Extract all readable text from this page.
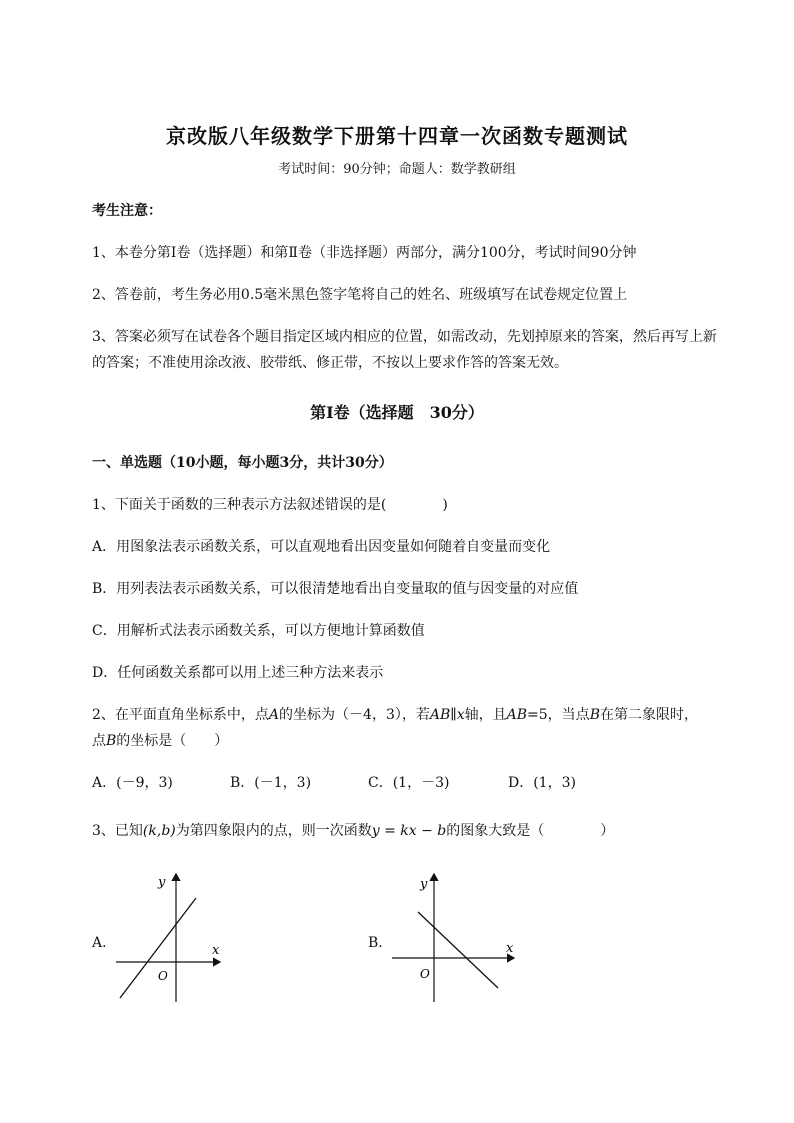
京改版八年级数学下册第十四章一次函数专题测试
考试时间：90分钟；命题人：数学教研组
考生注意：
1、本卷分第I卷（选择题）和第Ⅱ卷（非选择题）两部分，满分100分，考试时间90分钟
2、答卷前，考生务必用0.5毫米黑色签字笔将自己的姓名、班级填写在试卷规定位置上
3、答案必须写在试卷各个题目指定区域内相应的位置，如需改动，先划掉原来的答案，然后再写上新
的答案；不准使用涂改液、胶带纸、修正带，不按以上要求作答的答案无效。
第I卷（选择题　30分）
一、单选题（10小题，每小题3分，共计30分）
1、下面关于函数的三种表示方法叙述错误的是(　　　　)
A．用图象法表示函数关系，可以直观地看出因变量如何随着自变量而变化
B．用列表法表示函数关系，可以很清楚地看出自变量取的值与因变量的对应值
C．用解析式法表示函数关系，可以方便地计算函数值
D．任何函数关系都可以用上述三种方法来表示
2、在平面直角坐标系中，点A的坐标为（－4，3），若AB∥x轴，且AB=5，当点B在第二象限时，
点B的坐标是（　　）
A．(－9，3)	B．(－1，3)	C．(1，－3)	D．(1，3)
3、已知(k,b)为第四象限内的点，则一次函数y = kx − b的图象大致是（　　　　）
A．	x
y
O
B．	x
y
O
